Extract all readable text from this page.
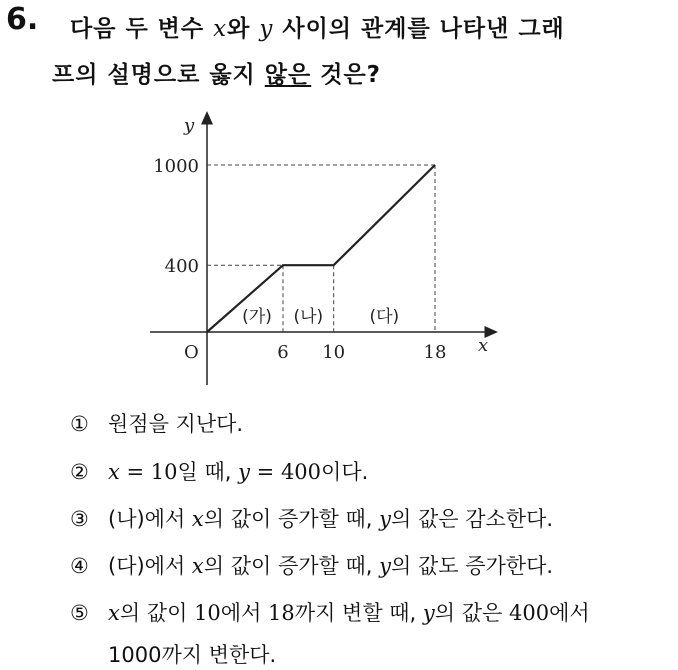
6. 다음 두 변수 x와 y 사이의 관계를 나타낸 그래
프의 설명으로 옳지 않은 것은?
y
x
O	6 10	18
400
1000
(가) (나)	(다)
① 원점을 지난다.
② x = 10일 때, y = 400이다.
③ (나)에서 x의 값이 증가할 때, y의 값은 감소한다.
④ (다)에서 x의 값이 증가할 때, y의 값도 증가한다.
⑤ x의 값이 10에서 18까지 변할 때, y의 값은 400에서
1000까지 변한다.
